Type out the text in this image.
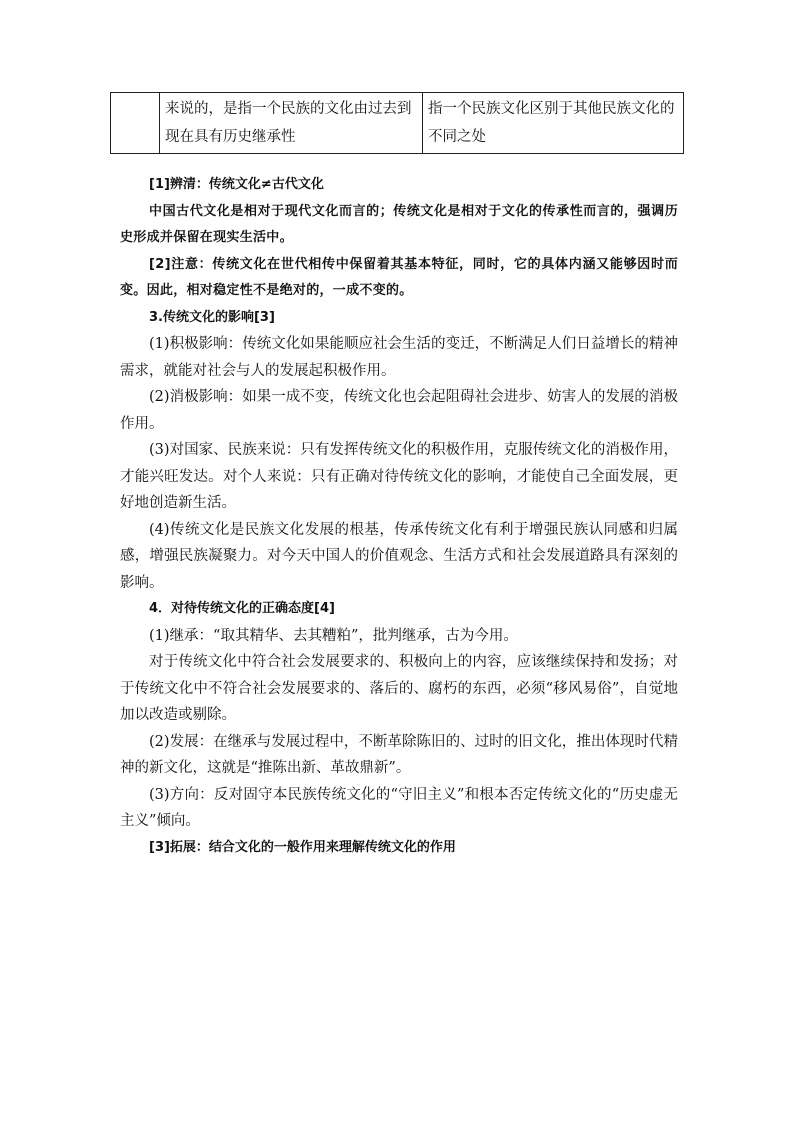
	来说的，是指一个民族的文化由过去到现在具有历史继承性	指一个民族文化区别于其他民族文化的不同之处

[1]辨清：传统文化≠古代文化

中国古代文化是相对于现代文化而言的；传统文化是相对于文化的传承性而言的，强调历史形成并保留在现实生活中。

[2]注意：传统文化在世代相传中保留着其基本特征，同时，它的具体内涵又能够因时而变。因此，相对稳定性不是绝对的，一成不变的。

3.传统文化的影响[3]

(1)积极影响：传统文化如果能顺应社会生活的变迁，不断满足人们日益增长的精神需求，就能对社会与人的发展起积极作用。

(2)消极影响：如果一成不变，传统文化也会起阻碍社会进步、妨害人的发展的消极作用。

(3)对国家、民族来说：只有发挥传统文化的积极作用，克服传统文化的消极作用，才能兴旺发达。对个人来说：只有正确对待传统文化的影响，才能使自己全面发展，更好地创造新生活。

(4)传统文化是民族文化发展的根基，传承传统文化有利于增强民族认同感和归属感，增强民族凝聚力。对今天中国人的价值观念、生活方式和社会发展道路具有深刻的影响。

4．对待传统文化的正确态度[4]

(1)继承：“取其精华、去其糟粕”，批判继承，古为今用。

对于传统文化中符合社会发展要求的、积极向上的内容，应该继续保持和发扬；对于传统文化中不符合社会发展要求的、落后的、腐朽的东西，必须“移风易俗”，自觉地加以改造或剔除。

(2)发展：在继承与发展过程中，不断革除陈旧的、过时的旧文化，推出体现时代精神的新文化，这就是“推陈出新、革故鼎新”。

(3)方向：反对固守本民族传统文化的“守旧主义”和根本否定传统文化的“历史虚无主义”倾向。

[3]拓展：结合文化的一般作用来理解传统文化的作用
